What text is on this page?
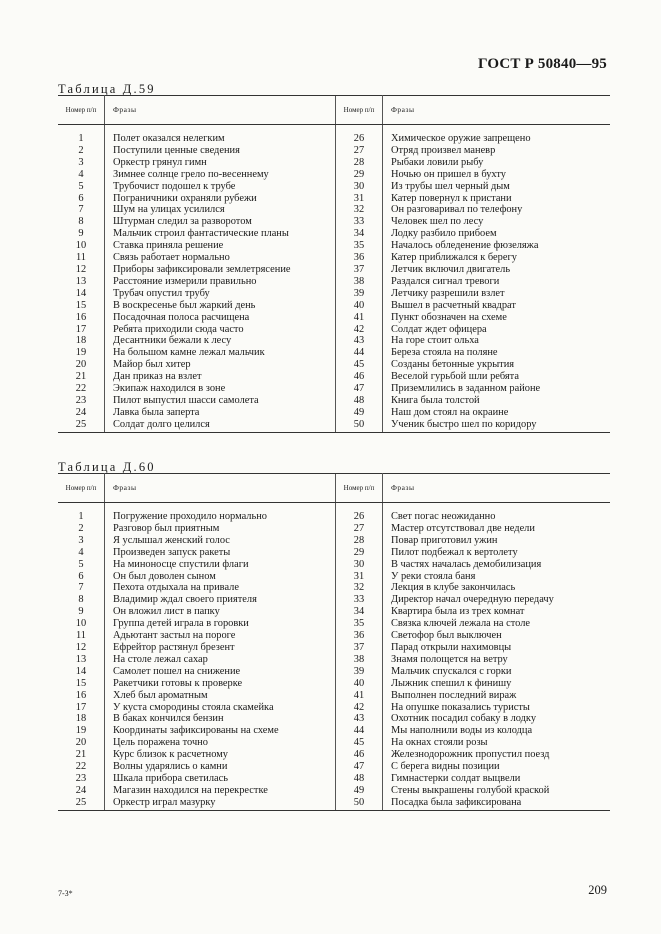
ГОСТ Р 50840—95
Таблица Д.59
Номер п/п	Фразы	Номер п/п	Фразы
1	Полет оказался нелегким	26	Химическое оружие запрещено
2	Поступили ценные сведения	27	Отряд произвел маневр
3	Оркестр грянул гимн	28	Рыбаки ловили рыбу
4	Зимнее солнце грело по-весеннему	29	Ночью он пришел в бухту
5	Трубочист подошел к трубе	30	Из трубы шел черный дым
6	Пограничники охраняли рубежи	31	Катер повернул к пристани
7	Шум на улицах усилился	32	Он разговаривал по телефону
8	Штурман следил за разворотом	33	Человек шел по лесу
9	Мальчик строил фантастические планы	34	Лодку разбило прибоем
10	Ставка приняла решение	35	Началось обледенение фюзеляжа
11	Связь работает нормально	36	Катер приближался к берегу
12	Приборы зафиксировали землетрясение	37	Летчик включил двигатель
13	Расстояние измерили правильно	38	Раздался сигнал тревоги
14	Трубач опустил трубу	39	Летчику разрешили взлет
15	В воскресенье был жаркий день	40	Вышел в расчетный квадрат
16	Посадочная полоса расчищена	41	Пункт обозначен на схеме
17	Ребята приходили сюда часто	42	Солдат ждет офицера
18	Десантники бежали к лесу	43	На горе стоит ольха
19	На большом камне лежал мальчик	44	Береза стояла на поляне
20	Майор был хитер	45	Созданы бетонные укрытия
21	Дан приказ на взлет	46	Веселой гурьбой шли ребята
22	Экипаж находился в зоне	47	Приземлились в заданном районе
23	Пилот выпустил шасси самолета	48	Книга была толстой
24	Лавка была заперта	49	Наш дом стоял на окраине
25	Солдат долго целился	50	Ученик быстро шел по коридору
Таблица Д.60
Номер п/п	Фразы	Номер п/п	Фразы
1	Погружение проходило нормально	26	Свет погас неожиданно
2	Разговор был приятным	27	Мастер отсутствовал две недели
3	Я услышал женский голос	28	Повар приготовил ужин
4	Произведен запуск ракеты	29	Пилот подбежал к вертолету
5	На миноносце спустили флаги	30	В частях началась демобилизация
6	Он был доволен сыном	31	У реки стояла баня
7	Пехота отдыхала на привале	32	Лекция в клубе закончилась
8	Владимир ждал своего приятеля	33	Директор начал очередную передачу
9	Он вложил лист в папку	34	Квартира была из трех комнат
10	Группа детей играла в горовки	35	Связка ключей лежала на столе
11	Адьютант застыл на пороге	36	Светофор был выключен
12	Ефрейтор растянул брезент	37	Парад открыли нахимовцы
13	На столе лежал сахар	38	Знамя полощется на ветру
14	Самолет пошел на снижение	39	Мальчик спускался с горки
15	Ракетчики готовы к проверке	40	Лыжник спешил к финишу
16	Хлеб был ароматным	41	Выполнен последний вираж
17	У куста смородины стояла скамейка	42	На опушке показались туристы
18	В баках кончился бензин	43	Охотник посадил собаку в лодку
19	Координаты зафиксированы на схеме	44	Мы наполнили воды из колодца
20	Цель поражена точно	45	На окнах стояли розы
21	Курс близок к расчетному	46	Железнодорожник пропустил поезд
22	Волны ударялись о камни	47	С берега видны позиции
23	Шкала прибора светилась	48	Гимнастерки солдат выцвели
24	Магазин находился на перекрестке	49	Стены выкрашены голубой краской
25	Оркестр играл мазурку	50	Посадка была зафиксирована
7-3*	209
